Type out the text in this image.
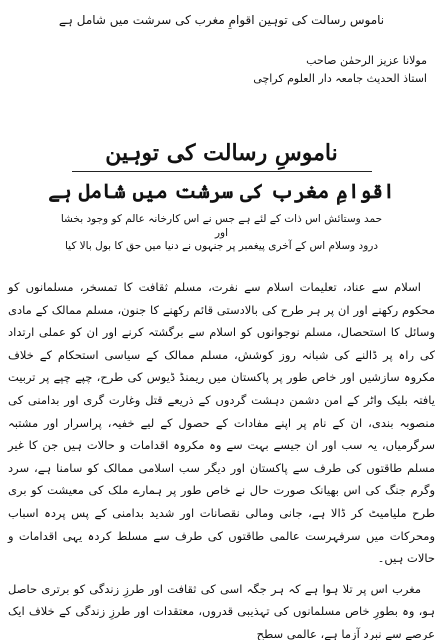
ناموس رسالت کی توہین اقوامِ مغرب کی سرشت میں شامل ہے
مولانا عزیز الرحمٰن صاحب
استاذ الحدیث جامعہ دار العلوم کراچی
ناموسِ رسالت کی توہین
اقوامِ مغرب کی سرشت میں شامل ہے
حمد وستائش اس ذات کے لئے ہے جس نے اس کارخانہ عالم کو وجود بخشا
اور
درود وسلام اس کے آخری پیغمبر پر جنہوں نے دنیا میں حق کا بول بالا کیا

اسلام سے عناد، تعلیمات اسلام سے نفرت، مسلم ثقافت کا تمسخر، مسلمانوں کو محکوم رکھنے اور ان پر ہر طرح کی بالادستی قائم رکھنے کا جنون، مسلم ممالک کے مادی وسائل کا استحصال، مسلم نوجوانوں کو اسلام سے برگشتہ کرنے اور ان کو عملی ارتداد کی راہ پر ڈالنے کی شبانہ روز کوشش، مسلم ممالک کے سیاسی استحکام کے خلاف مکروہ سازشیں اور خاص طور پر پاکستان میں ریمنڈ ڈیوس کی طرح، چپے چپے پر تربیت یافتہ بلیک واٹر کے امن دشمن دہشت گردوں کے ذریعے قتل وغارت گری اور بدامنی کی منصوبہ بندی، ان کے نام پر اپنے مفادات کے حصول کے لیے خفیہ، پراسرار اور مشتبہ سرگرمیاں، یہ سب اور ان جیسے بہت سے وہ مکروہ اقدامات و حالات ہیں جن کا غیر مسلم طاقتوں کی طرف سے پاکستان اور دیگر سب اسلامی ممالک کو سامنا ہے، سرد وگرم جنگ کی اس بھیانک صورت حال نے خاص طور پر ہمارے ملک کی معیشت کو بری طرح ملیامیٹ کر ڈالا ہے، جانی ومالی نقصانات اور شدید بدامنی کے پس پردہ اسباب ومحرکات میں سرفہرست عالمی طاقتوں کی طرف سے مسلط کردہ یہی اقدامات و حالات ہیں۔

مغرب اس پر تلا ہوا ہے کہ ہر جگہ اسی کی ثقافت اور طرزِ زندگی کو برتری حاصل ہو، وہ بطورِ خاص مسلمانوں کی تہذیبی قدروں، معتقدات اور طرزِ زندگی کے خلاف ایک عرصے سے نبرد آزما ہے، عالمی سطح
